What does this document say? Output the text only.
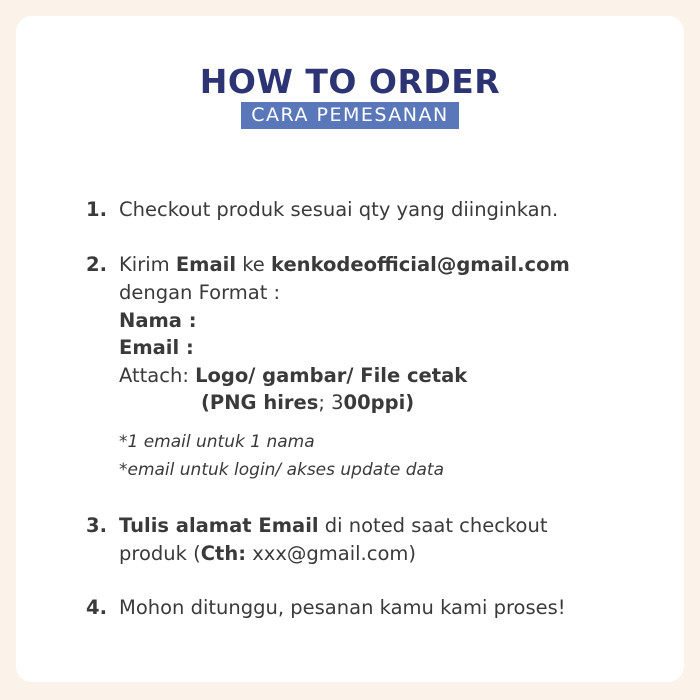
HOW TO ORDER
CARA PEMESANAN
1. Checkout produk sesuai qty yang diinginkan.
2. Kirim Email ke kenkodeofficial@gmail.com
dengan Format :
Nama :
Email :
Attach: Logo/ gambar/ File cetak
(PNG hires; 300ppi)
*1 email untuk 1 nama
*email untuk login/ akses update data
3. Tulis alamat Email di noted saat checkout
produk (Cth: xxx@gmail.com)
4. Mohon ditunggu, pesanan kamu kami proses!
